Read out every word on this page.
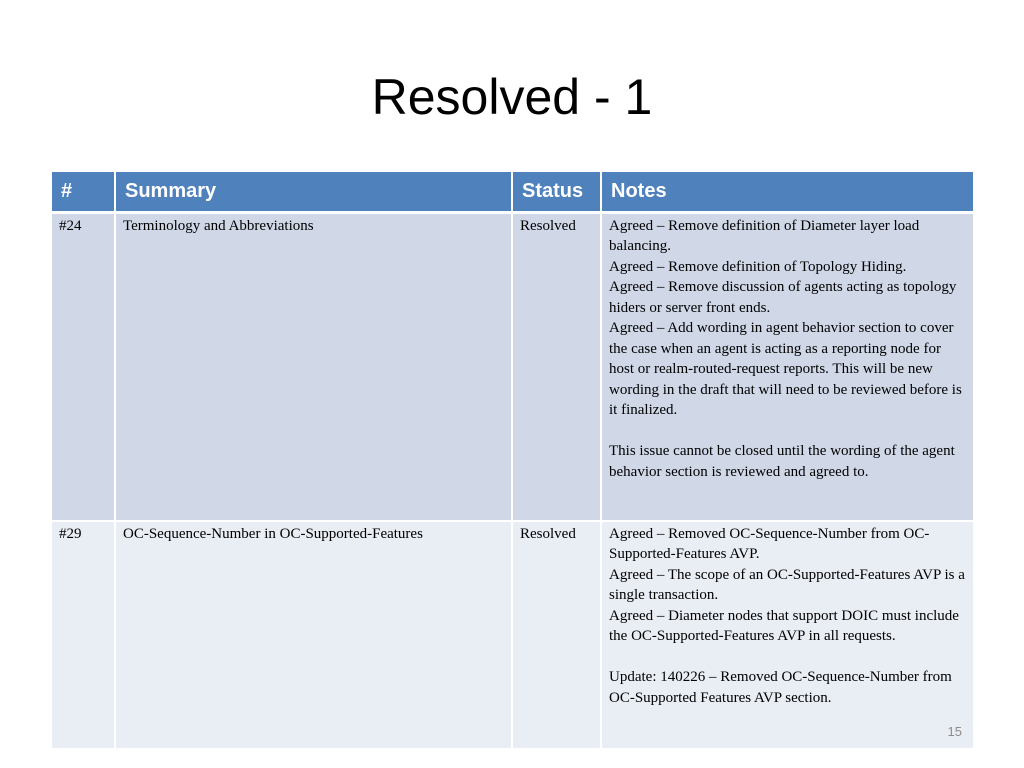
Resolved - 1
#	Summary	Status	Notes
#24	Terminology and Abbreviations	Resolved	Agreed – Remove definition of Diameter layer load balancing.
Agreed – Remove definition of Topology Hiding.
Agreed – Remove discussion of agents acting as topology hiders or server front ends.
Agreed – Add wording in agent behavior section to cover the case when an agent is acting as a reporting node for host or realm-routed-request reports. This will be new wording in the draft that will need to be reviewed before is it finalized.
This issue cannot be closed until the wording of the agent behavior section is reviewed and agreed to.

#29	OC-Sequence-Number in OC-Supported-Features	Resolved	Agreed – Removed OC-Sequence-Number from OC-Supported-Features AVP.
Agreed – The scope of an OC-Supported-Features AVP is a single transaction.
Agreed – Diameter nodes that support DOIC must include the OC-Supported-Features AVP in all requests.
Update: 140226 – Removed OC-Sequence-Number from OC-Supported Features AVP section.
15
